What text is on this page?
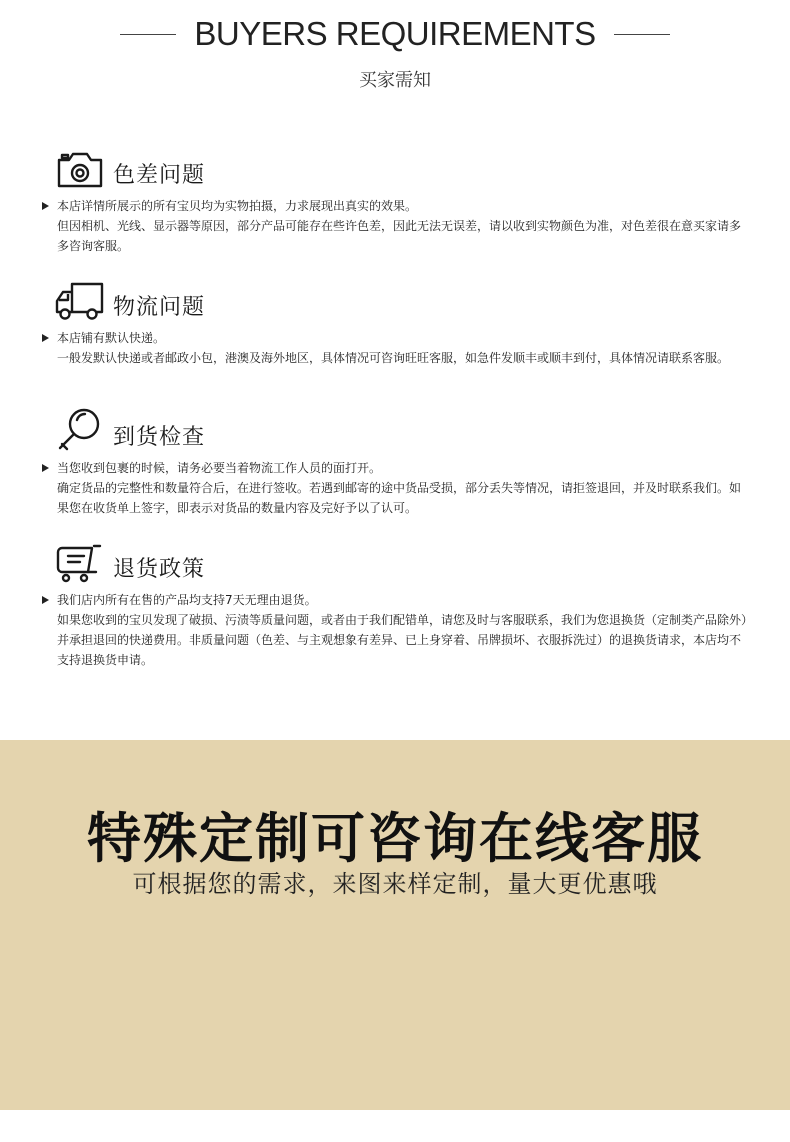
BUYERS REQUIREMENTS
买家需知
色差问题
本店详情所展示的所有宝贝均为实物拍摄，力求展现出真实的效果。
但因相机、光线、显示器等原因，部分产品可能存在些许色差，因此无法无误差，请以收到实物颜色为准，对色差很在意买家请多多咨询客服。
物流问题
本店铺有默认快递。
一般发默认快递或者邮政小包，港澳及海外地区，具体情况可咨询旺旺客服，如急件发顺丰或顺丰到付，具体情况请联系客服。
到货检查
当您收到包裹的时候，请务必要当着物流工作人员的面打开。
确定货品的完整性和数量符合后，在进行签收。若遇到邮寄的途中货品受损，部分丢失等情况，请拒签退回，并及时联系我们。如果您在收货单上签字，即表示对货品的数量内容及完好予以了认可。
退货政策
我们店内所有在售的产品均支持7天无理由退货。
如果您收到的宝贝发现了破损、污渍等质量问题，或者由于我们配错单，请您及时与客服联系，我们为您退换货（定制类产品除外）并承担退回的快递费用。非质量问题（色差、与主观想象有差异、已上身穿着、吊牌损坏、衣服拆洗过）的退换货请求，本店均不支持退换货申请。
特殊定制可咨询在线客服
可根据您的需求，来图来样定制，量大更优惠哦
